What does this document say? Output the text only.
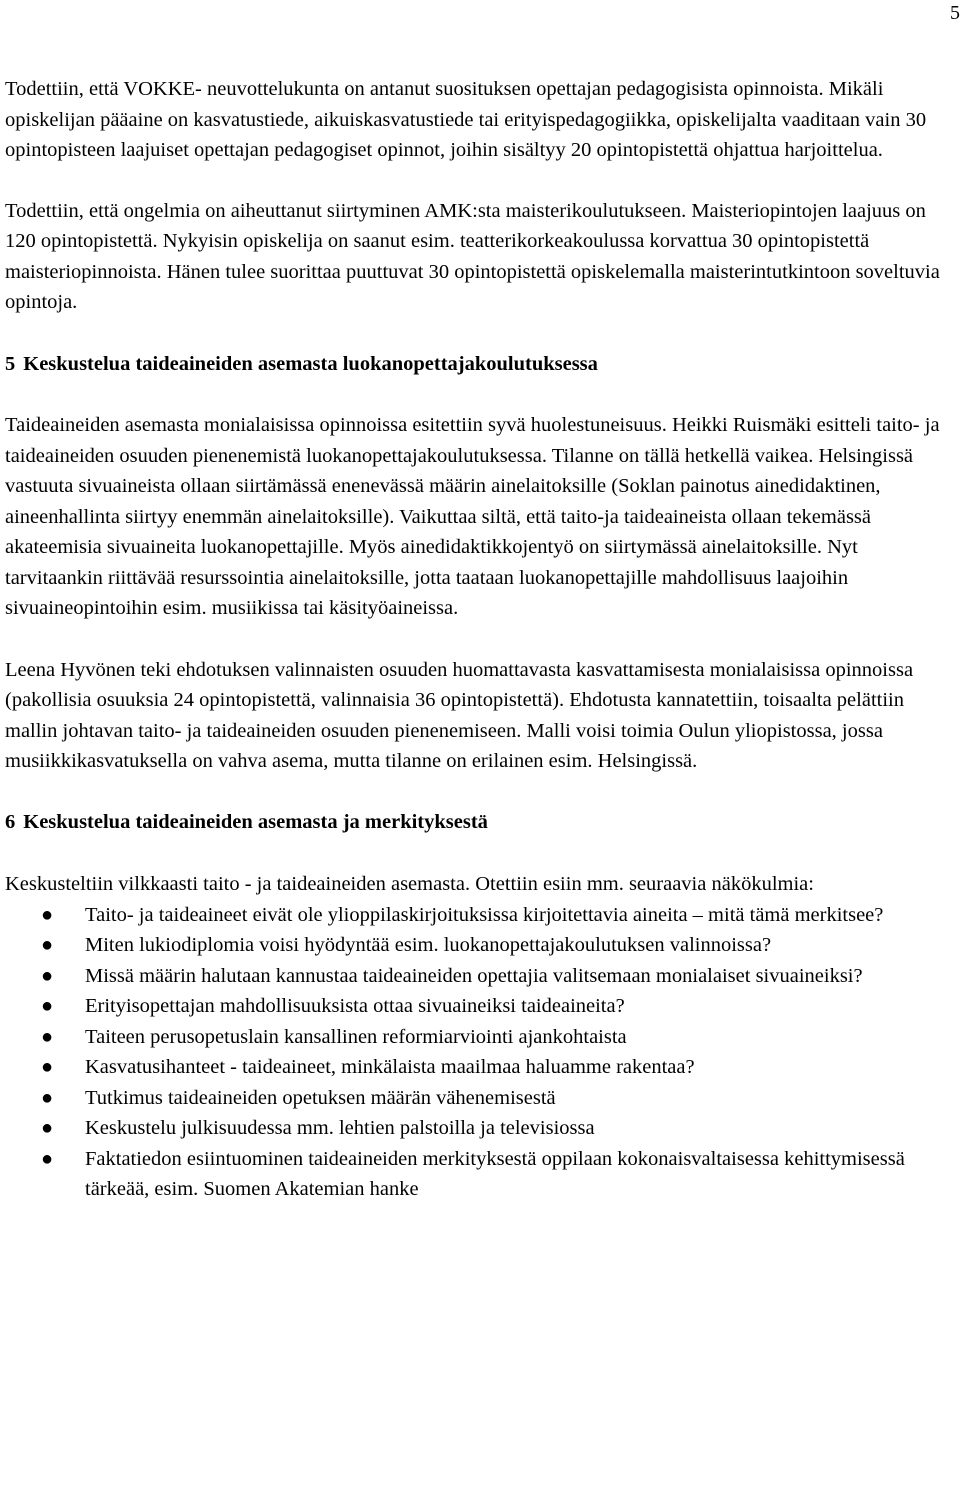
5

Todettiin, että VOKKE- neuvottelukunta on antanut suosituksen opettajan pedagogisista opinnoista. Mikäli opiskelijan pääaine on kasvatustiede, aikuiskasvatustiede tai erityispedagogiikka, opiskelijalta vaaditaan vain 30 opintopisteen laajuiset opettajan pedagogiset opinnot, joihin sisältyy 20 opintopistettä ohjattua harjoittelua.

Todettiin, että ongelmia on aiheuttanut siirtyminen AMK:sta maisterikoulutukseen. Maisteriopintojen laajuus on 120 opintopistettä. Nykyisin opiskelija on saanut esim. teatterikorkeakoulussa korvattua 30 opintopistettä maisteriopinnoista. Hänen tulee suorittaa puuttuvat 30 opintopistettä opiskelemalla maisterintutkintoon soveltuvia opintoja.

5 Keskustelua taideaineiden asemasta luokanopettajakoulutuksessa

Taideaineiden asemasta monialaisissa opinnoissa esitettiin syvä huolestuneisuus. Heikki Ruismäki esitteli taito- ja taideaineiden osuuden pienenemistä luokanopettajakoulutuksessa. Tilanne on tällä hetkellä vaikea. Helsingissä vastuuta sivuaineista ollaan siirtämässä enenevässä määrin ainelaitoksille (Soklan painotus ainedidaktinen, aineenhallinta siirtyy enemmän ainelaitoksille). Vaikuttaa siltä, että taito-ja taideaineista ollaan tekemässä akateemisia sivuaineita luokanopettajille. Myös ainedidaktikkojentyö on siirtymässä ainelaitoksille. Nyt tarvitaankin riittävää resurssointia ainelaitoksille, jotta taataan luokanopettajille mahdollisuus laajoihin sivuaineopintoihin esim. musiikissa tai käsityöaineissa.

Leena Hyvönen teki ehdotuksen valinnaisten osuuden huomattavasta kasvattamisesta monialaisissa opinnoissa (pakollisia osuuksia 24 opintopistettä, valinnaisia 36 opintopistettä). Ehdotusta kannatettiin, toisaalta pelättiin mallin johtavan taito- ja taideaineiden osuuden pienenemiseen. Malli voisi toimia Oulun yliopistossa, jossa musiikkikasvatuksella on vahva asema, mutta tilanne on erilainen esim. Helsingissä.

6 Keskustelua taideaineiden asemasta ja merkityksestä

Keskusteltiin vilkkaasti taito - ja taideaineiden asemasta. Otettiin esiin mm. seuraavia näkökulmia:

● Taito- ja taideaineet eivät ole ylioppilaskirjoituksissa kirjoitettavia aineita – mitä tämä merkitsee?
● Miten lukiodiplomia voisi hyödyntää esim. luokanopettajakoulutuksen valinnoissa?
● Missä määrin halutaan kannustaa taideaineiden opettajia valitsemaan monialaiset sivuaineiksi?
● Erityisopettajan mahdollisuuksista ottaa sivuaineiksi taideaineita?
● Taiteen perusopetuslain kansallinen reformiarviointi ajankohtaista
● Kasvatusihanteet - taideaineet, minkälaista maailmaa haluamme rakentaa?
● Tutkimus taideaineiden opetuksen määrän vähenemisestä
● Keskustelu julkisuudessa mm. lehtien palstoilla ja televisiossa
● Faktatiedon esiintuominen taideaineiden merkityksestä oppilaan kokonaisvaltaisessa kehittymisessä tärkeää, esim. Suomen Akatemian hanke
